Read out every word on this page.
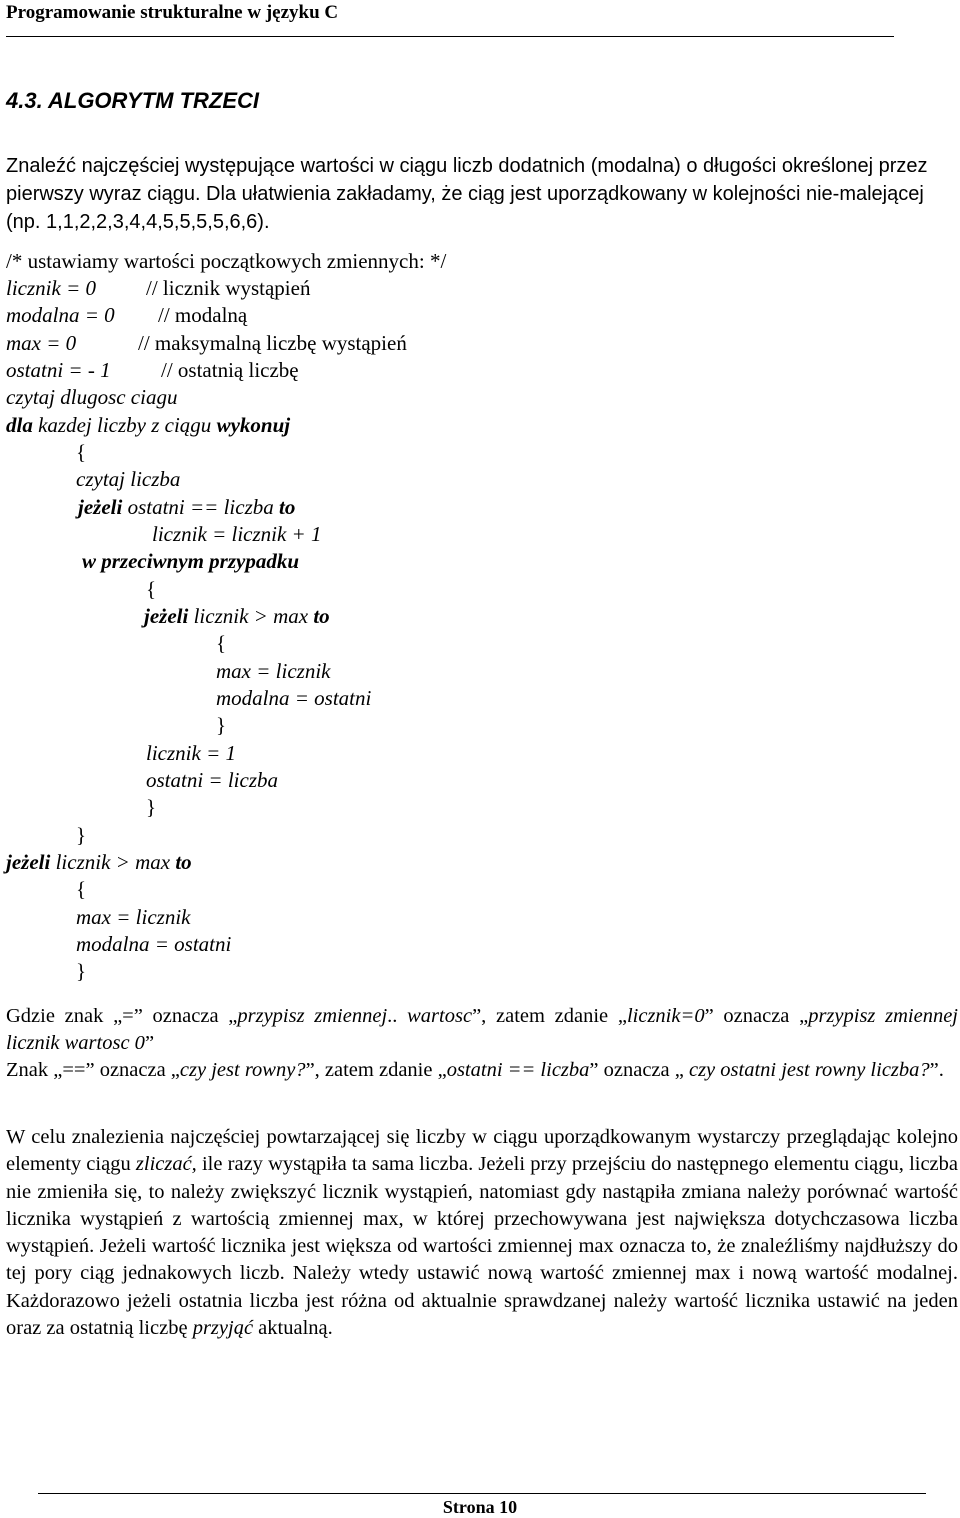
Programowanie strukturalne w języku C
4.3. ALGORYTM TRZECI

Znaleźć najczęściej występujące wartości w ciągu liczb dodatnich (modalna) o długości określonej przez pierwszy wyraz ciągu. Dla ułatwienia zakładamy, że ciąg jest uporządkowany w kolejności nie-malejącej (np. 1,1,2,2,3,4,4,5,5,5,5,6,6).

/* ustawiamy wartości początkowych zmiennych: */
licznik = 0 // licznik wystąpień
modalna = 0 // modalną
max = 0	// maksymalną liczbę wystąpień
ostatni = - 1 // ostatnią liczbę
czytaj dlugosc ciagu
dla kazdej liczby z ciągu wykonuj
{
czytaj liczba
jeżeli ostatni == liczba to
licznik = licznik + 1
w przeciwnym przypadku
{
jeżeli licznik > max to
{
max = licznik
modalna = ostatni
}
licznik = 1
ostatni = liczba
}
}
jeżeli licznik > max to
{
max = licznik
modalna = ostatni
}

Gdzie znak „=” oznacza „przypisz zmiennej.. wartosc”, zatem zdanie „licznik=0” oznacza „przypisz zmiennej licznik wartosc 0”

Znak „==” oznacza „czy jest rowny?”, zatem zdanie „ostatni == liczba” oznacza „ czy ostatni jest rowny liczba?”.

W celu znalezienia najczęściej powtarzającej się liczby w ciągu uporządkowanym wystarczy przeglądając kolejno elementy ciągu zliczać, ile razy wystąpiła ta sama liczba. Jeżeli przy przejściu do następnego elementu ciągu, liczba nie zmieniła się, to należy zwiększyć licznik wystąpień, natomiast gdy nastąpiła zmiana należy porównać wartość licznika wystąpień z wartością zmiennej max, w której przechowywana jest największa dotychczasowa liczba wystąpień. Jeżeli wartość licznika jest większa od wartości zmiennej max oznacza to, że znaleźliśmy najdłuższy do tej pory ciąg jednakowych liczb. Należy wtedy ustawić nową wartość zmiennej max i nową wartość modalnej. Każdorazowo jeżeli ostatnia liczba jest różna od aktualnie sprawdzanej należy wartość licznika ustawić na jeden oraz za ostatnią liczbę przyjąć aktualną.

Strona 10
